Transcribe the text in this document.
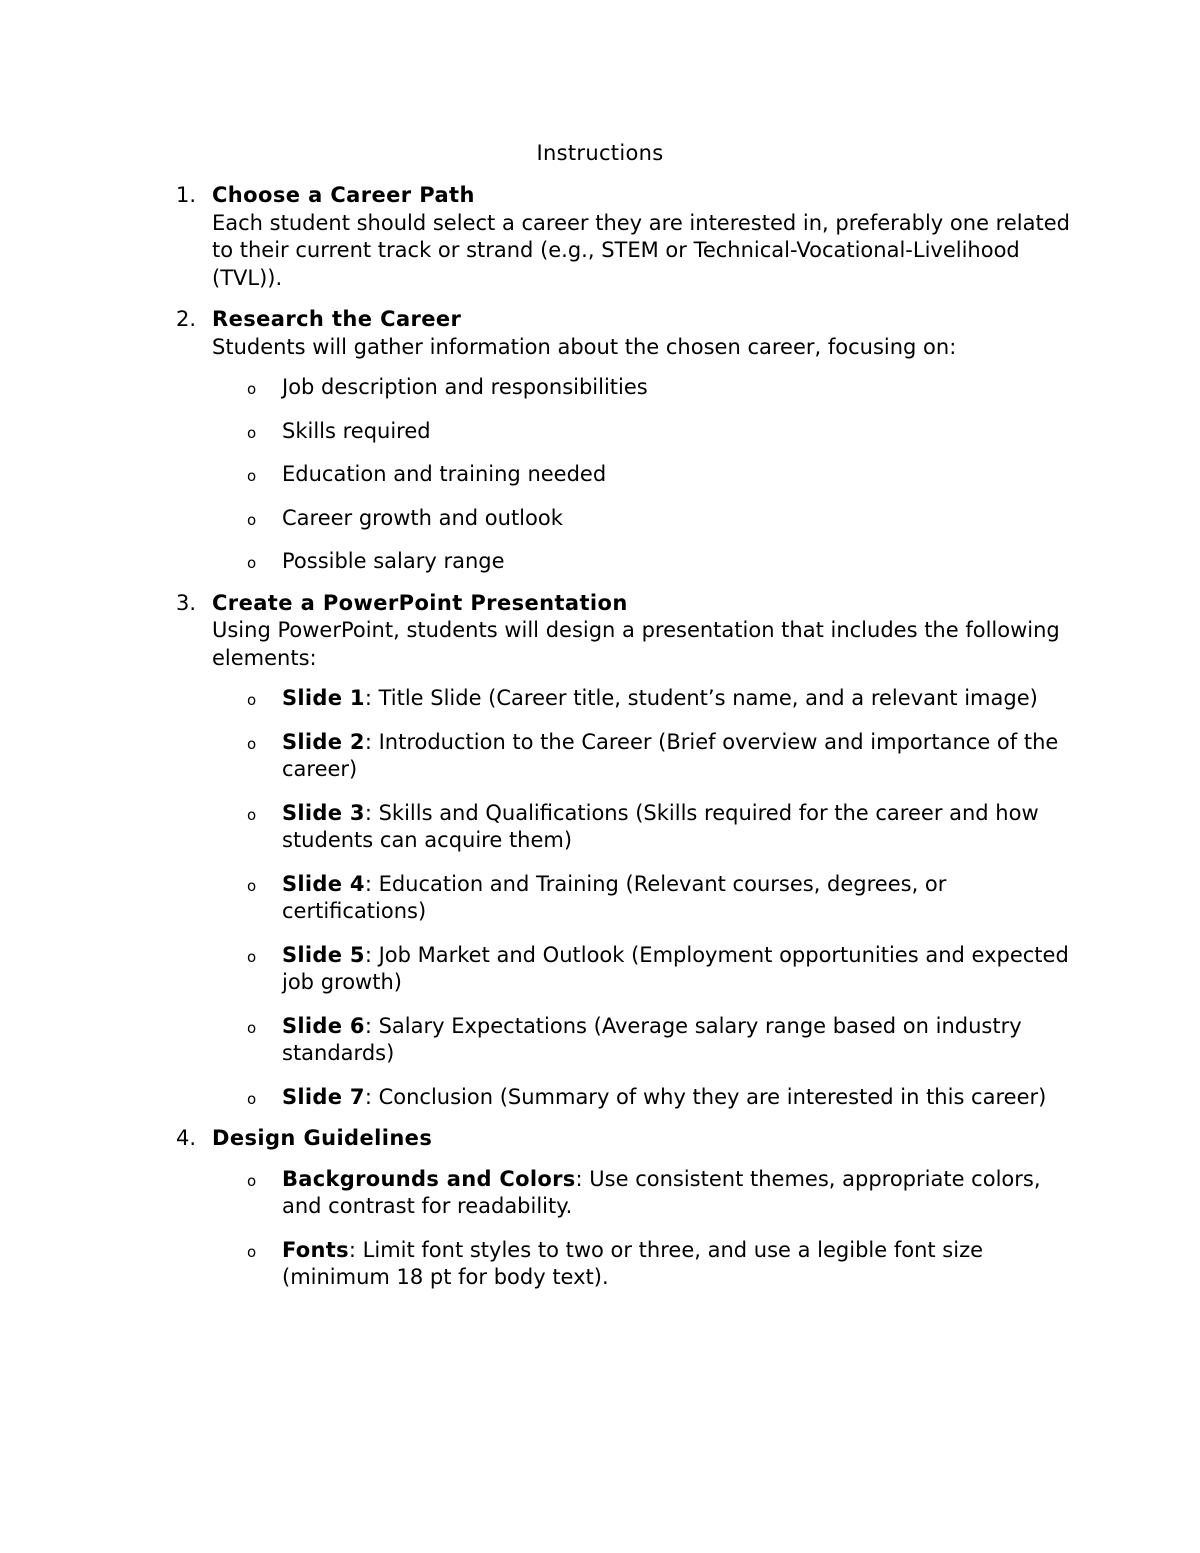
Instructions
1. Choose a Career Path
Each student should select a career they are interested in, preferably one related to their current track or strand (e.g., STEM or Technical-Vocational-Livelihood (TVL)).
2. Research the Career
Students will gather information about the chosen career, focusing on:
o Job description and responsibilities
o Skills required
o Education and training needed
o Career growth and outlook
o Possible salary range
3. Create a PowerPoint Presentation
Using PowerPoint, students will design a presentation that includes the following elements:
o Slide 1: Title Slide (Career title, student’s name, and a relevant image)
o Slide 2: Introduction to the Career (Brief overview and importance of the career)
o Slide 3: Skills and Qualifications (Skills required for the career and how students can acquire them)
o Slide 4: Education and Training (Relevant courses, degrees, or certifications)
o Slide 5: Job Market and Outlook (Employment opportunities and expected job growth)
o Slide 6: Salary Expectations (Average salary range based on industry standards)
o Slide 7: Conclusion (Summary of why they are interested in this career)
4. Design Guidelines
o Backgrounds and Colors: Use consistent themes, appropriate colors, and contrast for readability.
o Fonts: Limit font styles to two or three, and use a legible font size (minimum 18 pt for body text).
